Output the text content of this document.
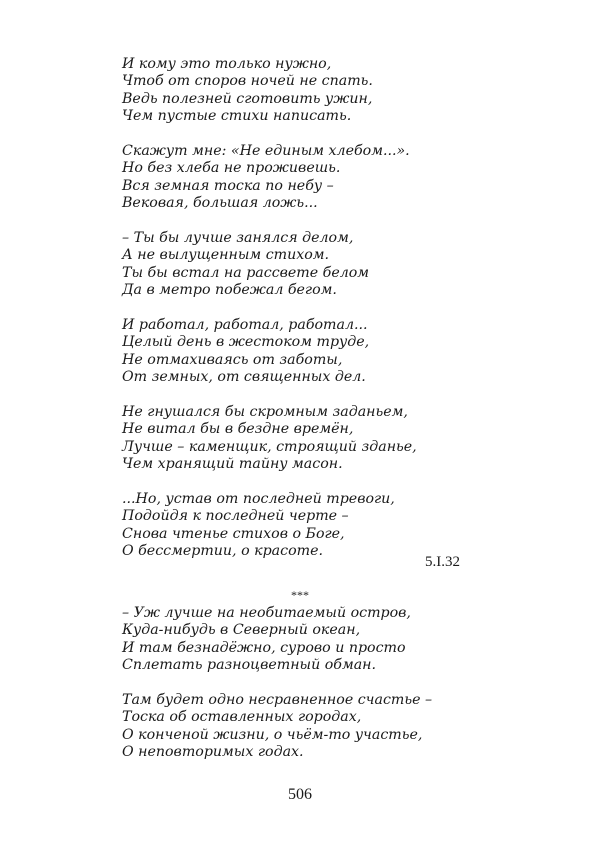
И кому это только нужно,
Чтоб от споров ночей не спать.
Ведь полезней сготовить ужин,
Чем пустые стихи написать.
Скажут мне: «Не единым хлебом...».
Но без хлеба не проживешь.
Вся земная тоска по небу –
Вековая, большая ложь...
– Ты бы лучше занялся делом,
А не вылущенным стихом.
Ты бы встал на рассвете белом
Да в метро побежал бегом.
И работал, работал, работал...
Целый день в жестоком труде,
Не отмахиваясь от заботы,
От земных, от священных дел.
Не гнушался бы скромным заданьем,
Не витал бы в бездне времён,
Лучше – каменщик, строящий зданье,
Чем хранящий тайну масон.
...Но, устав от последней тревоги,
Подойдя к последней черте –
Снова чтенье стихов о Боге,
О бессмертии, о красоте.
5.I.32
***
– Уж лучше на необитаемый остров,
Куда-нибудь в Северный океан,
И там безнадёжно, сурово и просто
Сплетать разноцветный обман.
Там будет одно несравненное счастье –
Тоска об оставленных городах,
О конченой жизни, о чьём-то участье,
О неповторимых годах.
506
